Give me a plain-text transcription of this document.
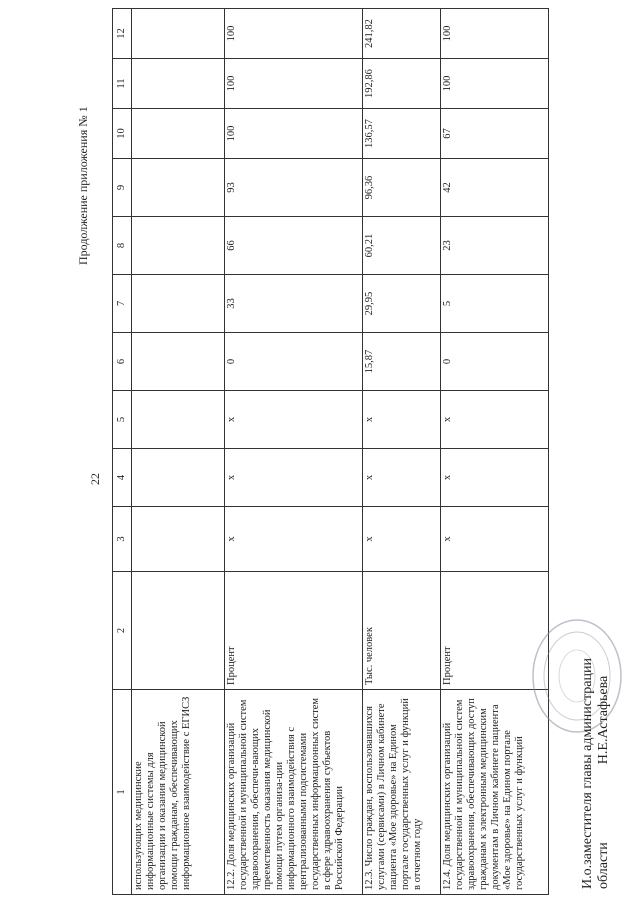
22
Продолжение приложения № 1
1	2	3	4	5	6	7	8	9	10	11	12
использующих медицинские информационные системы для организации и оказания медицинской помощи гражданам, обеспечивающих информационное взаимодействие с ЕГИСЗ											
12.2. Доля медицинских организаций государственной и муниципальной систем здравоохранения, обеспечи-вающих преемственность оказания медицинской помощи путем организа-ции информационного взаимодействия с централизованными подсистемами государственных информационных систем в сфере здравоохранения субъектов Российской Федерации	Процент	x	x	x	0	33	66	93	100	100	100
12.3. Число граждан, воспользовавшихся услугами (сервисами) в Личном кабинете пациента «Мое здоровье» на Едином портале государственных услуг и функций в отчетном году	Тыс. человек	x	x	x	15,87	29,95	60,21	96,36	136,57	192,86	241,82
12.4. Доля медицинских организаций государственной и муниципальной систем здравоохранения, обеспечивающих доступ гражданам к электронным медицинским документам в Личном кабинете пациента «Мое здоровье» на Едином портале государственных услуг и функций	Процент	x	x	x	0	5	23	42	67	100	100
И.о.заместителя главы администрации областиН.Е.Астафьева
